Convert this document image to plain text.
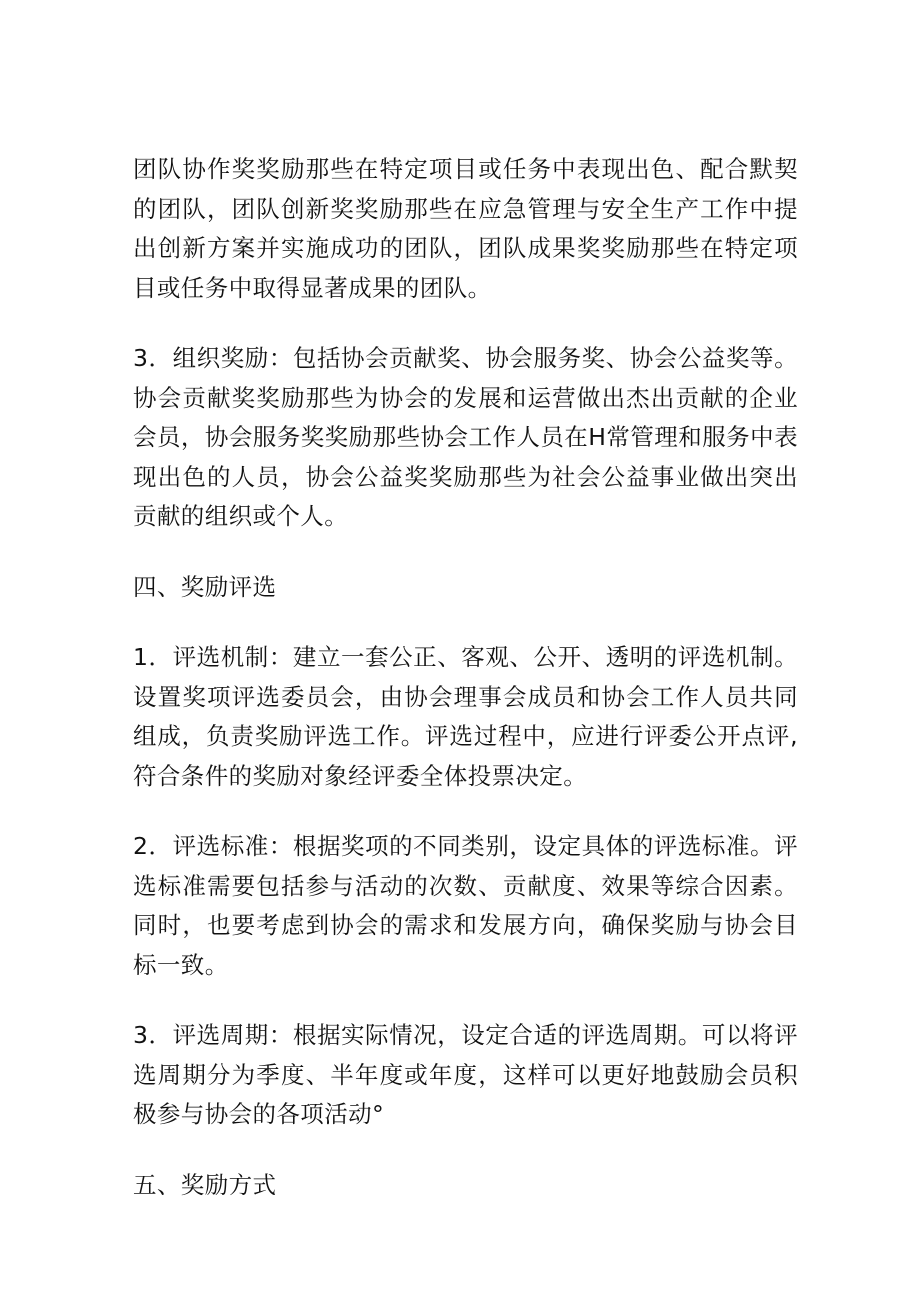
团队协作奖奖励那些在特定项目或任务中表现出色、配合默契的团队，团队创新奖奖励那些在应急管理与安全生产工作中提出创新方案并实施成功的团队，团队成果奖奖励那些在特定项目或任务中取得显著成果的团队。

3．组织奖励：包括协会贡献奖、协会服务奖、协会公益奖等。协会贡献奖奖励那些为协会的发展和运营做出杰出贡献的企业会员，协会服务奖奖励那些协会工作人员在H常管理和服务中表现出色的人员，协会公益奖奖励那些为社会公益事业做出突出贡献的组织或个人。

四、奖励评选

1．评选机制：建立一套公正、客观、公开、透明的评选机制。设置奖项评选委员会，由协会理事会成员和协会工作人员共同组成，负责奖励评选工作。评选过程中，应进行评委公开点评,符合条件的奖励对象经评委全体投票决定。

2．评选标准：根据奖项的不同类别，设定具体的评选标准。评选标准需要包括参与活动的次数、贡献度、效果等综合因素。同时，也要考虑到协会的需求和发展方向，确保奖励与协会目标一致。

3．评选周期：根据实际情况，设定合适的评选周期。可以将评选周期分为季度、半年度或年度，这样可以更好地鼓励会员积极参与协会的各项活动°

五、奖励方式
